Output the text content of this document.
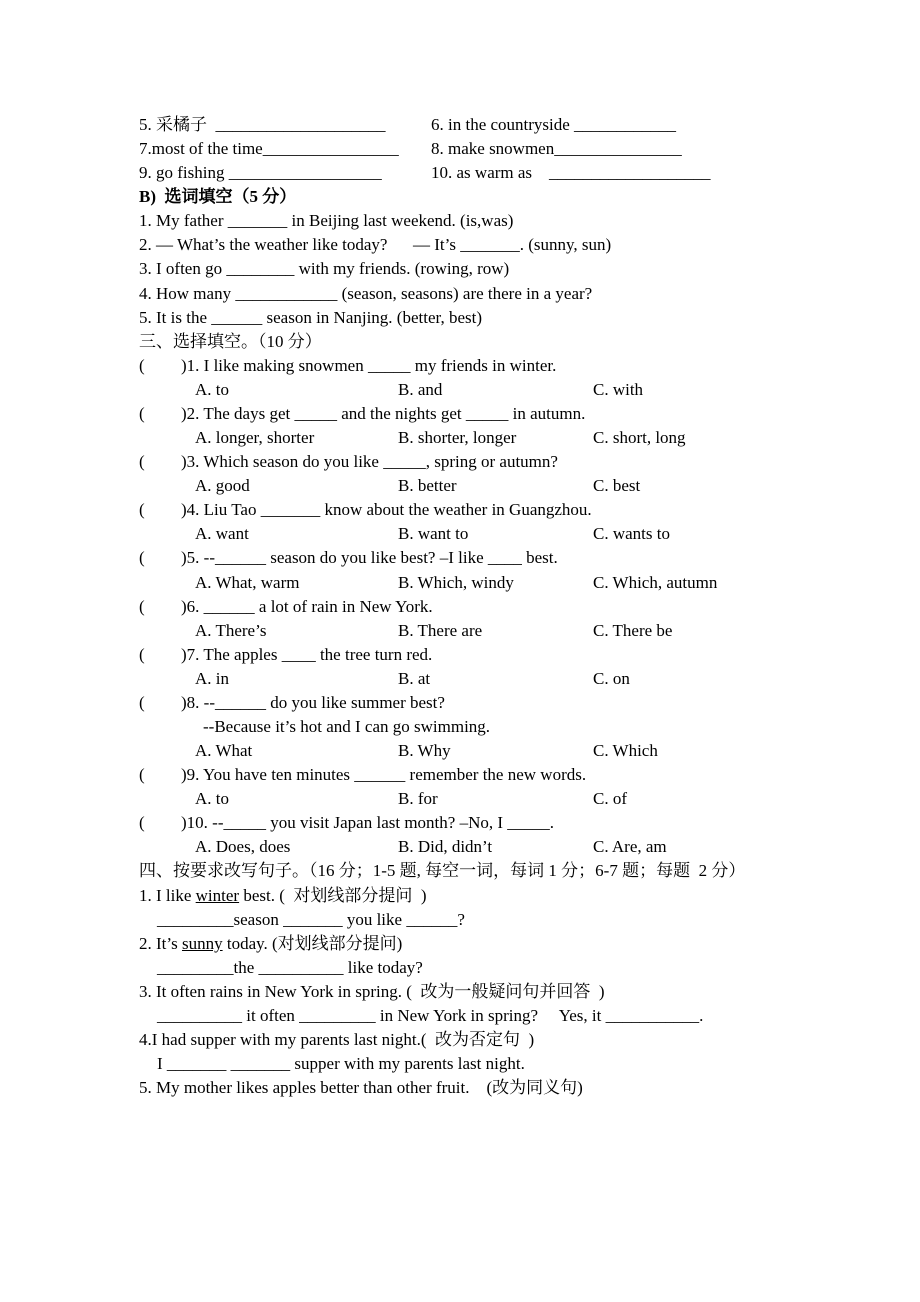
5. 采橘子  ____________________	6. in the countryside ____________
7.most of the time________________ 8. make snowmen_______________
9. go fishing __________________	10. as warm as    ___________________
B)  选词填空（5 分）
1. My father _______ in Beijing last weekend. (is,was)
2. — What’s the weather like today?      — It’s _______. (sunny, sun)
3. I often go ________ with my friends. (rowing, row)
4. How many ____________ (season, seasons) are there in a year?
5. It is the ______ season in Nanjing. (better, best)
三、选择填空。（10 分）
( )1. I like making snowmen _____ my friends in winter.
A. to	B. and	C. with
( )2. The days get _____ and the nights get _____ in autumn.
A. longer, shorter	B. shorter, longer	C. short, long
( )3. Which season do you like _____, spring or autumn?
A. good	B. better	C. best
( )4. Liu Tao _______ know about the weather in Guangzhou.
A. want	B. want to	C. wants to
( )5. --______ season do you like best? –I like ____ best.
A. What, warm	B. Which, windy	C. Which, autumn
( )6. ______ a lot of rain in New York.
A. There’s	B. There are	C. There be
( )7. The apples ____ the tree turn red.
A. in	B. at	C. on
( )8. --______ do you like summer best?
--Because it’s hot and I can go swimming.
A. What	B. Why	C. Which
( )9. You have ten minutes ______ remember the new words.
A. to	B. for	C. of
( )10. --_____ you visit Japan last month? –No, I _____.
A. Does, does	B. Did, didn’t	C. Are, am
四、按要求改写句子。（16 分；1-5 题, 每空一词，每词 1 分；6-7 题；每题  2 分）
1. I like winter best. (  对划线部分提问  )
_________season _______ you like ______?
2. It’s sunny today. (对划线部分提问)
_________the __________ like today?
3. It often rains in New York in spring. (  改为一般疑问句并回答  )
__________ it often _________ in New York in spring?     Yes, it ___________.
4.I had supper with my parents last night.(  改为否定句  )
I _______ _______ supper with my parents last night.
5. My mother likes apples better than other fruit.    (改为同义句)
